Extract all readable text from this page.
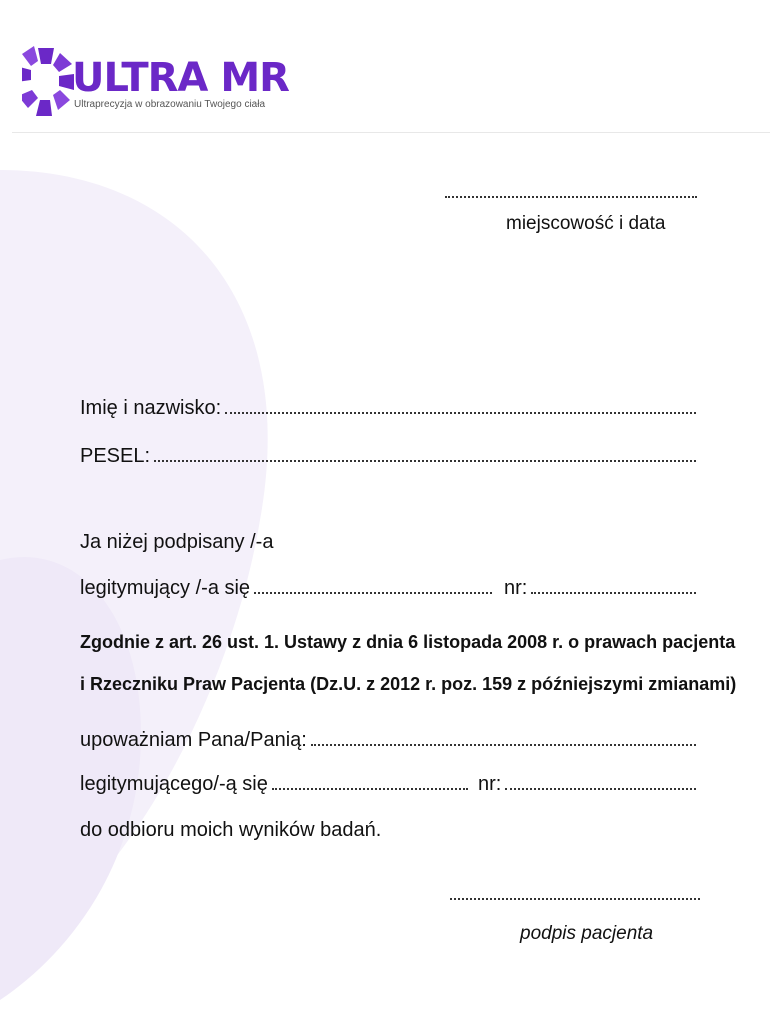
ULTRA MR
Ultraprecyzja w obrazowaniu Twojego ciała
miejscowość i data
Imię i nazwisko:
PESEL:
Ja niżej podpisany /-a
legitymujący /-a się	nr:
Zgodnie z art. 26 ust. 1. Ustawy z dnia 6 listopada 2008 r. o prawach pacjenta
i Rzeczniku Praw Pacjenta (Dz.U. z 2012 r. poz. 159 z późniejszymi zmianami)
upoważniam Pana/Panią:
legitymującego/-ą się	nr:
do odbioru moich wyników badań.
podpis pacjenta
